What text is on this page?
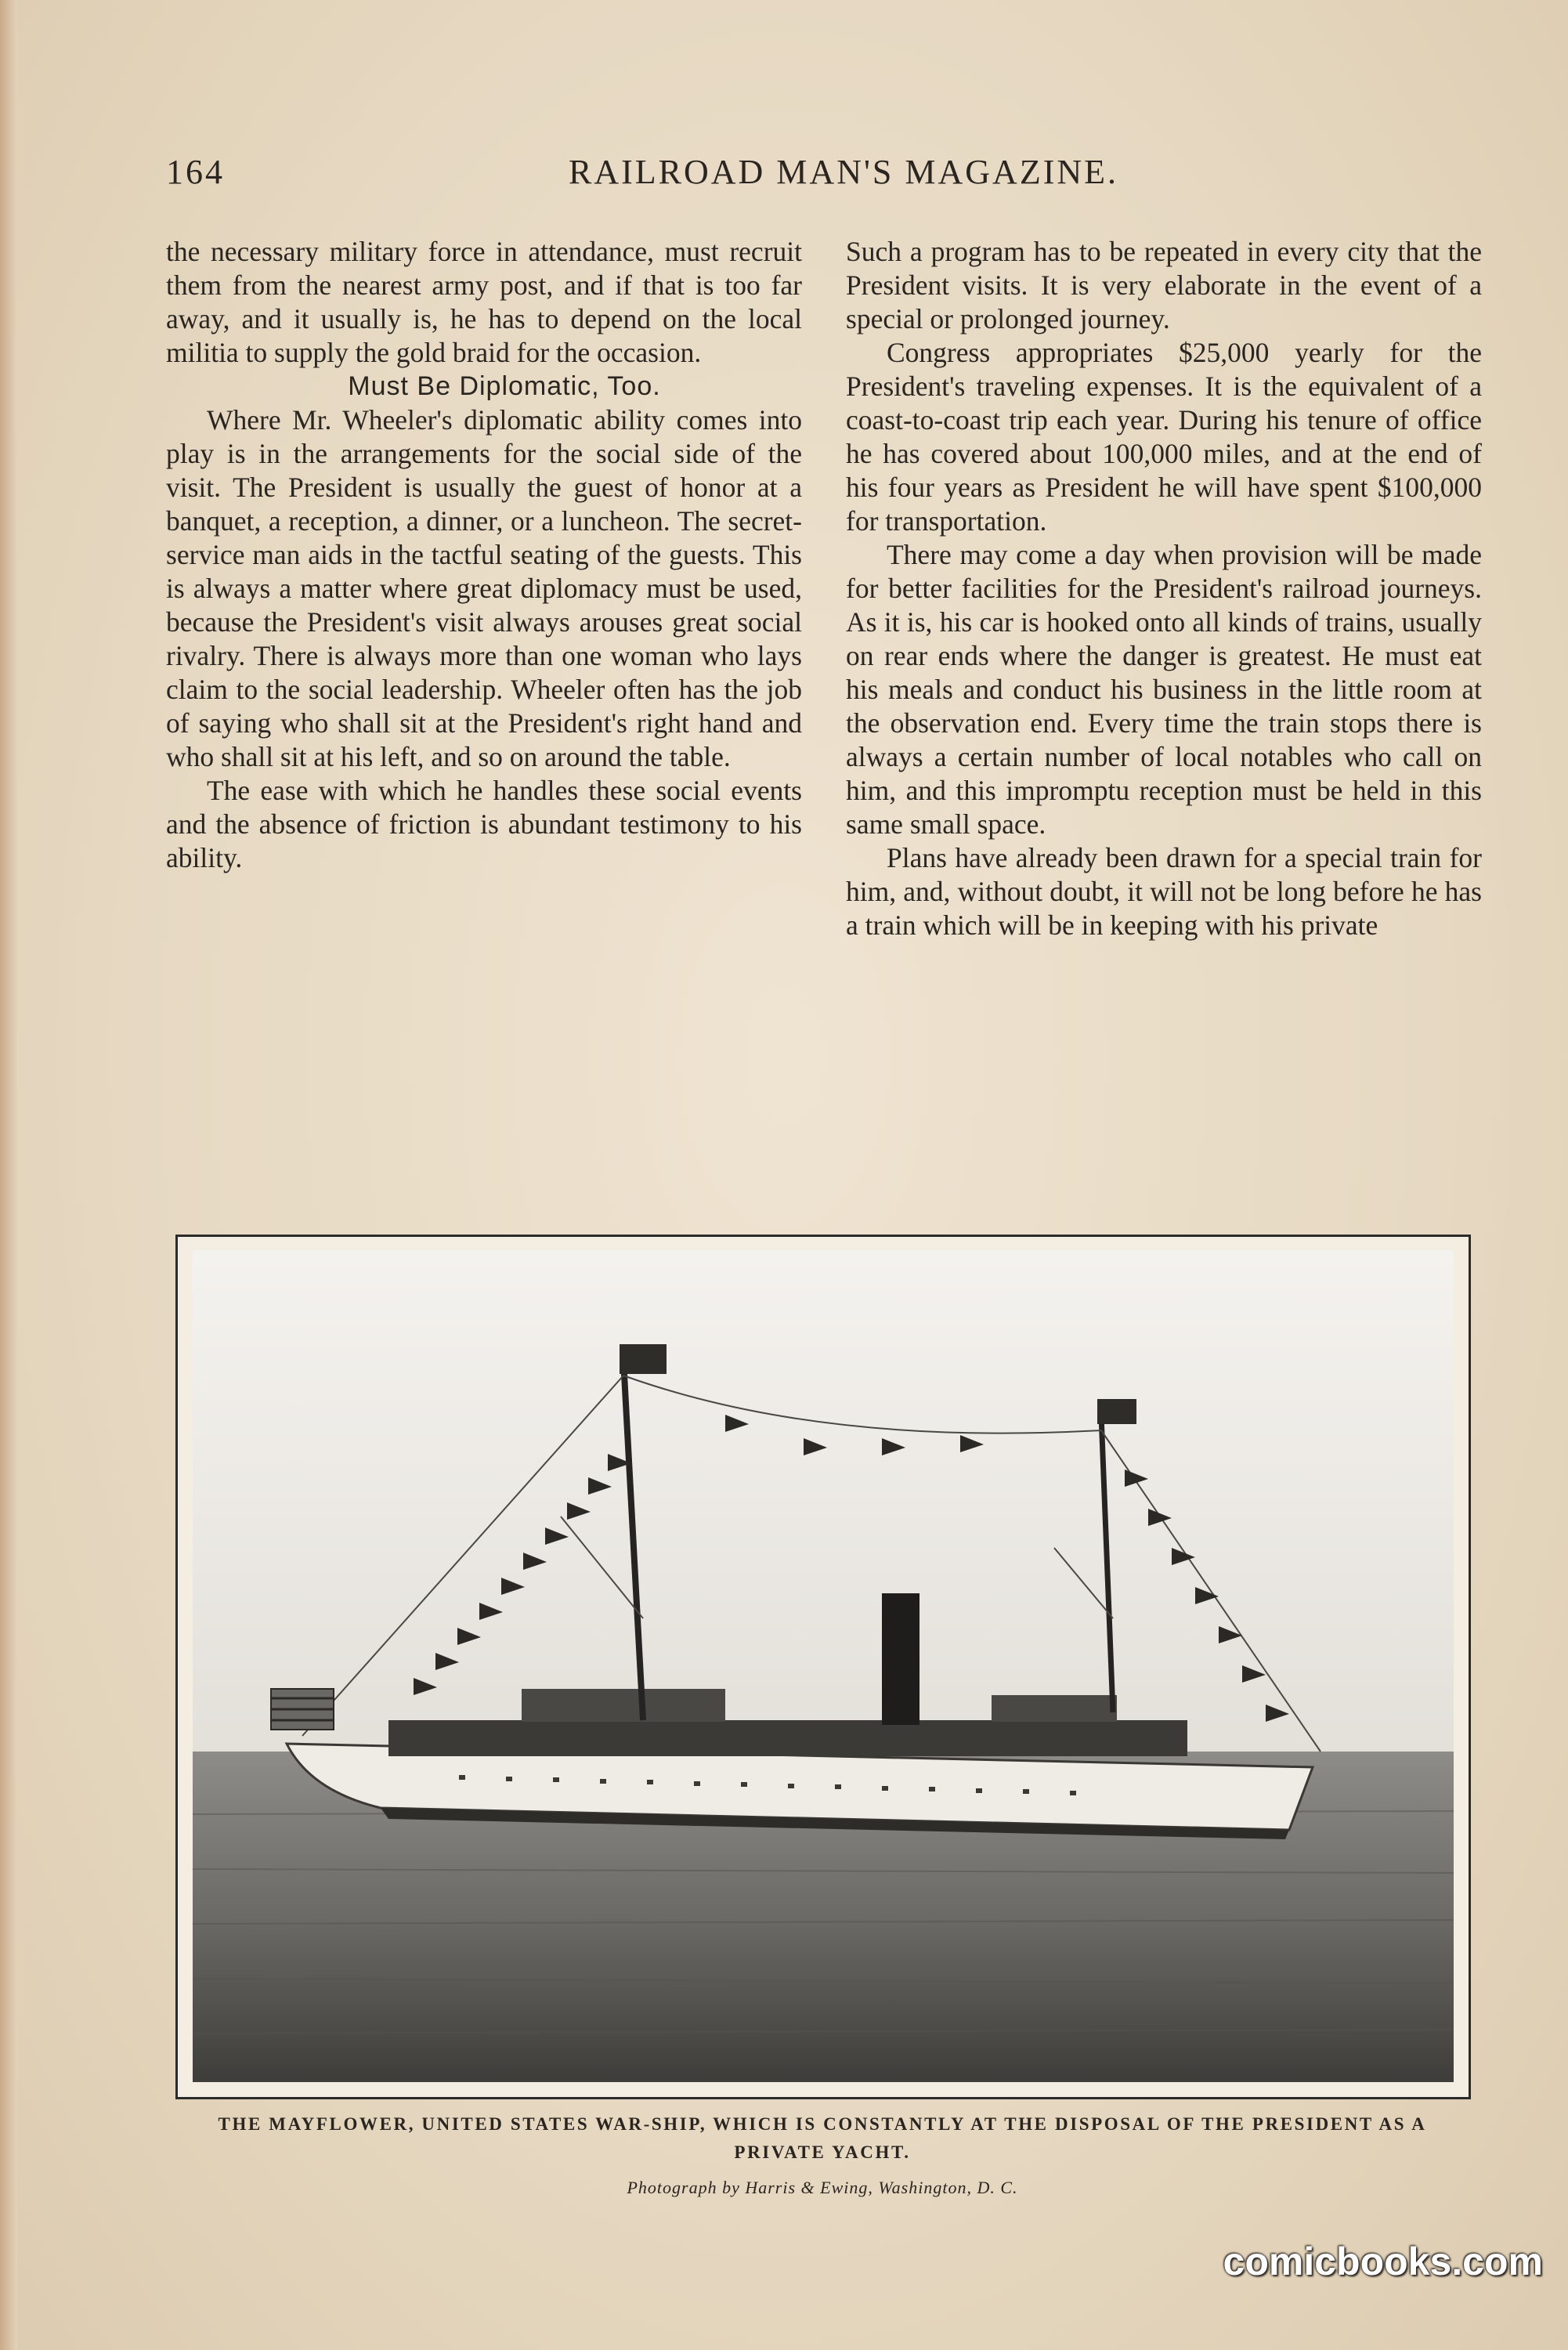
164	RAILROAD MAN'S MAGAZINE.

the necessary military force in attendance, must recruit them from the nearest army post, and if that is too far away, and it usually is, he has to depend on the local militia to supply the gold braid for the occasion.

Must Be Diplomatic, Too.

Where Mr. Wheeler's diplomatic ability comes into play is in the arrangements for the social side of the visit. The President is usually the guest of honor at a banquet, a reception, a dinner, or a luncheon. The secret-service man aids in the tactful seating of the guests. This is always a matter where great diplomacy must be used, because the President's visit always arouses great social rivalry. There is always more than one woman who lays claim to the social leadership. Wheeler often has the job of saying who shall sit at the President's right hand and who shall sit at his left, and so on around the table.

The ease with which he handles these social events and the absence of friction is abundant testimony to his ability.

Such a program has to be repeated in every city that the President visits. It is very elaborate in the event of a special or prolonged journey.

Congress appropriates $25,000 yearly for the President's traveling expenses. It is the equivalent of a coast-to-coast trip each year. During his tenure of office he has covered about 100,000 miles, and at the end of his four years as President he will have spent $100,000 for transportation.

There may come a day when provision will be made for better facilities for the President's railroad journeys. As it is, his car is hooked onto all kinds of trains, usually on rear ends where the danger is greatest. He must eat his meals and conduct his business in the little room at the observation end. Every time the train stops there is always a certain number of local notables who call on him, and this impromptu reception must be held in this same small space.

Plans have already been drawn for a special train for him, and, without doubt, it will not be long before he has a train which will be in keeping with his private

THE MAYFLOWER, UNITED STATES WAR-SHIP, WHICH IS CONSTANTLY AT THE DISPOSAL OF THE PRESIDENT AS A PRIVATE YACHT.
Photograph by Harris & Ewing, Washington, D. C.
comicbooks.com
